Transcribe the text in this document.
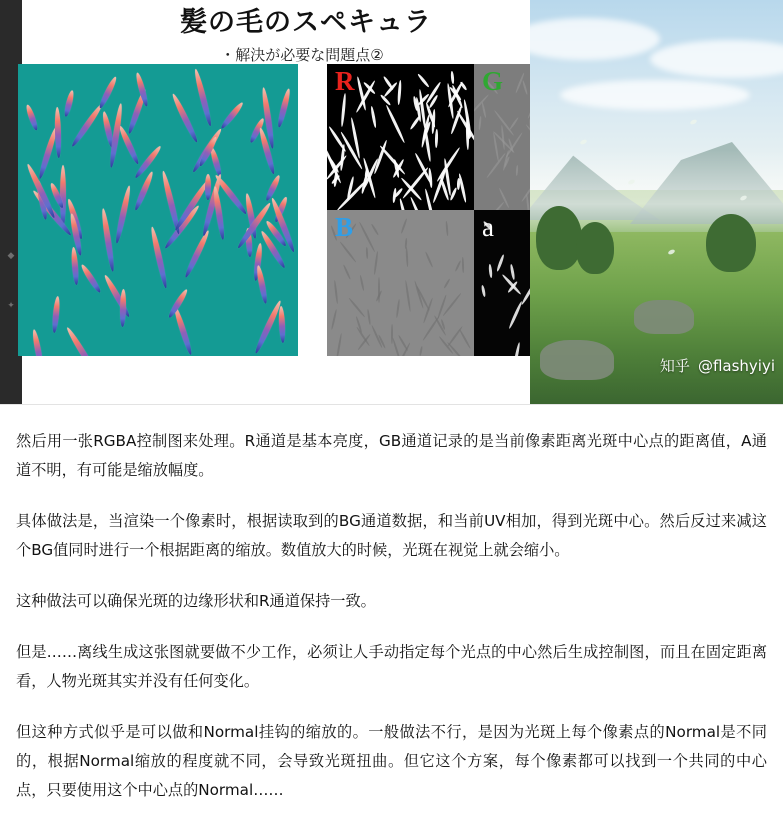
◆
✦
髪の毛のスペキュラ
・解決が必要な問題点②
R	G
B	a
知乎 @flashyiyi

然后用一张RGBA控制图来处理。R通道是基本亮度，GB通道记录的是当前像素距离光斑中心点的距离值，A通道不明，有可能是缩放幅度。

具体做法是，当渲染一个像素时，根据读取到的BG通道数据，和当前UV相加，得到光斑中心。然后反过来减这个BG值同时进行一个根据距离的缩放。数值放大的时候，光斑在视觉上就会缩小。

这种做法可以确保光斑的边缘形状和R通道保持一致。

但是……离线生成这张图就要做不少工作，必须让人手动指定每个光点的中心然后生成控制图，而且在固定距离看，人物光斑其实并没有任何变化。

但这种方式似乎是可以做和Normal挂钩的缩放的。一般做法不行，是因为光斑上每个像素点的Normal是不同的，根据Normal缩放的程度就不同，会导致光斑扭曲。但它这个方案，每个像素都可以找到一个共同的中心点，只要使用这个中心点的Normal……
